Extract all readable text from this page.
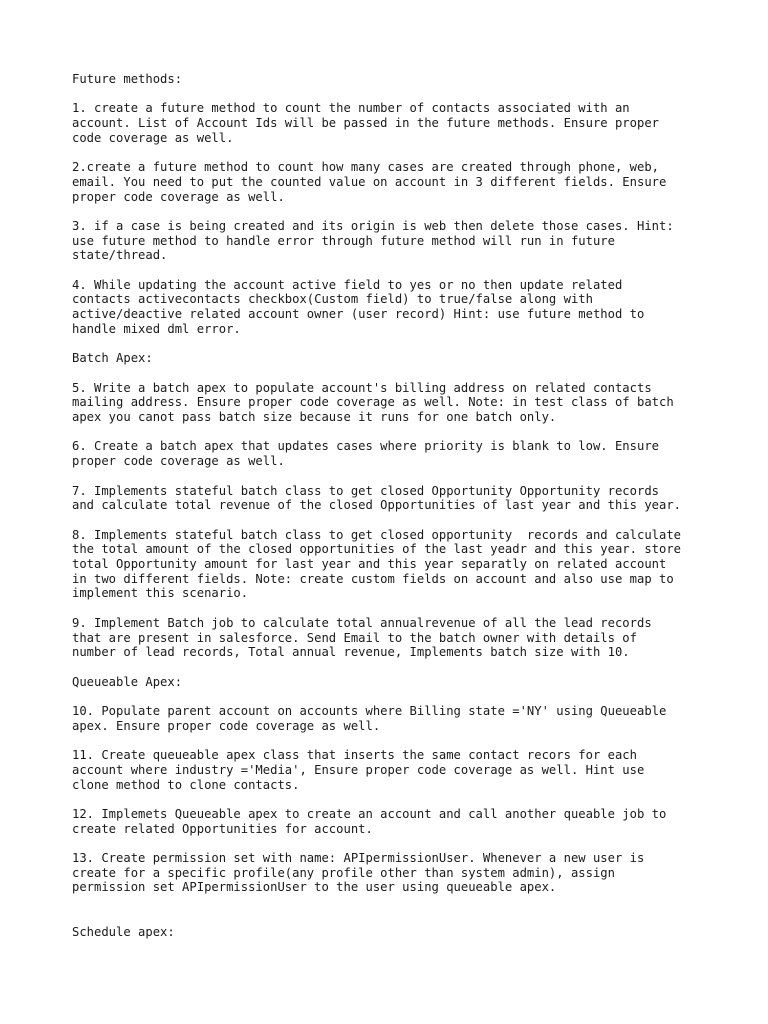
Future methods:

1. create a future method to count the number of contacts associated with an
account. List of Account Ids will be passed in the future methods. Ensure proper
code coverage as well.

2.create a future method to count how many cases are created through phone, web,
email. You need to put the counted value on account in 3 different fields. Ensure
proper code coverage as well.

3. if a case is being created and its origin is web then delete those cases. Hint:
use future method to handle error through future method will run in future
state/thread.

4. While updating the account active field to yes or no then update related
contacts activecontacts checkbox(Custom field) to true/false along with
active/deactive related account owner (user record) Hint: use future method to
handle mixed dml error.

Batch Apex:

5. Write a batch apex to populate account's billing address on related contacts
mailing address. Ensure proper code coverage as well. Note: in test class of batch
apex you canot pass batch size because it runs for one batch only.

6. Create a batch apex that updates cases where priority is blank to low. Ensure
proper code coverage as well.

7. Implements stateful batch class to get closed Opportunity Opportunity records
and calculate total revenue of the closed Opportunities of last year and this year.

8. Implements stateful batch class to get closed opportunity  records and calculate
the total amount of the closed opportunities of the last yeadr and this year. store
total Opportunity amount for last year and this year separatly on related account
in two different fields. Note: create custom fields on account and also use map to
implement this scenario.

9. Implement Batch job to calculate total annualrevenue of all the lead records
that are present in salesforce. Send Email to the batch owner with details of
number of lead records, Total annual revenue, Implements batch size with 10.

Queueable Apex:

10. Populate parent account on accounts where Billing state ='NY' using Queueable
apex. Ensure proper code coverage as well.

11. Create queueable apex class that inserts the same contact recors for each
account where industry ='Media', Ensure proper code coverage as well. Hint use
clone method to clone contacts.

12. Implemets Queueable apex to create an account and call another queable job to
create related Opportunities for account.

13. Create permission set with name: APIpermissionUser. Whenever a new user is
create for a specific profile(any profile other than system admin), assign
permission set APIpermissionUser to the user using queueable apex.

Schedule apex:
